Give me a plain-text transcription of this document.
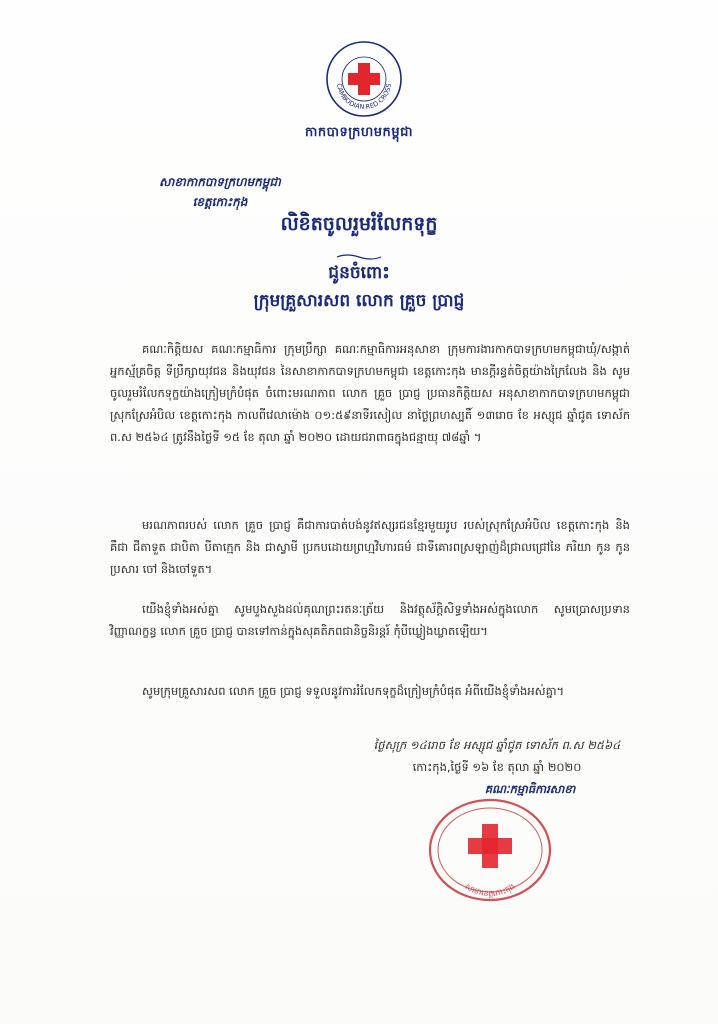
CAMBODIAN RED CROSS
កាកបាទក្រហមកម្ពុជា
សាខាកាកបាទក្រហមកម្ពុជា
ខេត្តកោះកុង
លិខិតចូលរួមរំលែកទុក្ខ
ជូនចំពោះ
ក្រុមគ្រួសារសព លោក គ្រួច ប្រាជ្ញ
គណៈកិត្តិយស គណៈកម្មាធិការ ក្រុមប្រឹក្សា គណៈកម្មាធិការអនុសាខា ក្រុមការងារកាកបាទក្រហមកម្ពុជាឃុំ/សង្កាត់ អ្នកស្ម័គ្រចិត្ត ទីប្រឹក្សាយុវជន និងយុវជន នៃសាខាកាកបាទក្រហមកម្ពុជា ខេត្តកោះកុង មានក្តីរន្ធត់ចិត្តយ៉ាងក្រៃលែង និង សូមចូលរួមរំលែកទុក្ខយ៉ាងក្រៀមក្រំបំផុត ចំពោះមរណភាព លោក គ្រួច ប្រាជ្ញ ប្រធានកិត្តិយស អនុសាខាកាកបាទក្រហមកម្ពុជា ស្រុកស្រែអំបិល ខេត្តកោះកុង កាលពីវេលាម៉ោង ០១:៥៩នាទីរសៀល នាថ្ងៃព្រហស្បតិ៍ ១៣រោច ខែ អស្សុជ ឆ្នាំជូត ទោស័ក ព.ស ២៥៦៤ ត្រូវនឹងថ្ងៃទី ១៥ ខែ តុលា ឆ្នាំ ២០២០ ដោយជរាពាធក្នុងជន្មាយុ ៧៨ឆ្នាំ ។
មរណភាពរបស់ លោក គ្រួច ប្រាជ្ញ គឺជាការបាត់បង់នូវឥស្សរជនខ្មែរមួយរូប របស់ស្រុកស្រែអំបិល ខេត្តកោះកុង និងគឺជា ជីតាទួត ជាបិតា បីតាក្មេក និង ជាស្វាមី ប្រកបដោយព្រហ្មវិហារធម៌ ជាទីគោរពស្រឡាញ់ដ៏ជ្រាលជ្រៅនៃ ភរិយា កូន កូនប្រសារ ចៅ និងចៅទួត។
យើងខ្ញុំទាំងអស់គ្នា សូមបួងសួងដល់គុណព្រះរតនៈត្រ័យ និងវត្ថុស័ក្តិសិទ្ធទាំងអស់ក្នុងលោក សូមប្រោសប្រទានវិញ្ញាណក្ខន្ធ លោក គ្រួច ប្រាជ្ញ បានទៅកាន់ក្នុងសុគតិភពជានិច្ចនិរន្តរ៍ កុំបីឃ្លៀងឃ្លាតឡើយ។
សូមក្រុមគ្រួសារសព លោក គ្រួច ប្រាជ្ញ ទទួលនូវការរំលែកទុក្ខដ៏ក្រៀមក្រំបំផុត អំពីយើងខ្ញុំទាំងអស់គ្នា។
ថ្ងៃសុក្រ ១៤រោច ខែ អស្សុជ ឆ្នាំជូត ទោស័ក ព.ស ២៥៦៤
កោះកុង,ថ្ងៃទី ១៦ ខែ តុលា ឆ្នាំ ២០២០
គណៈកម្មាធិការសាខា
សាខាខេត្តកោះកុង
